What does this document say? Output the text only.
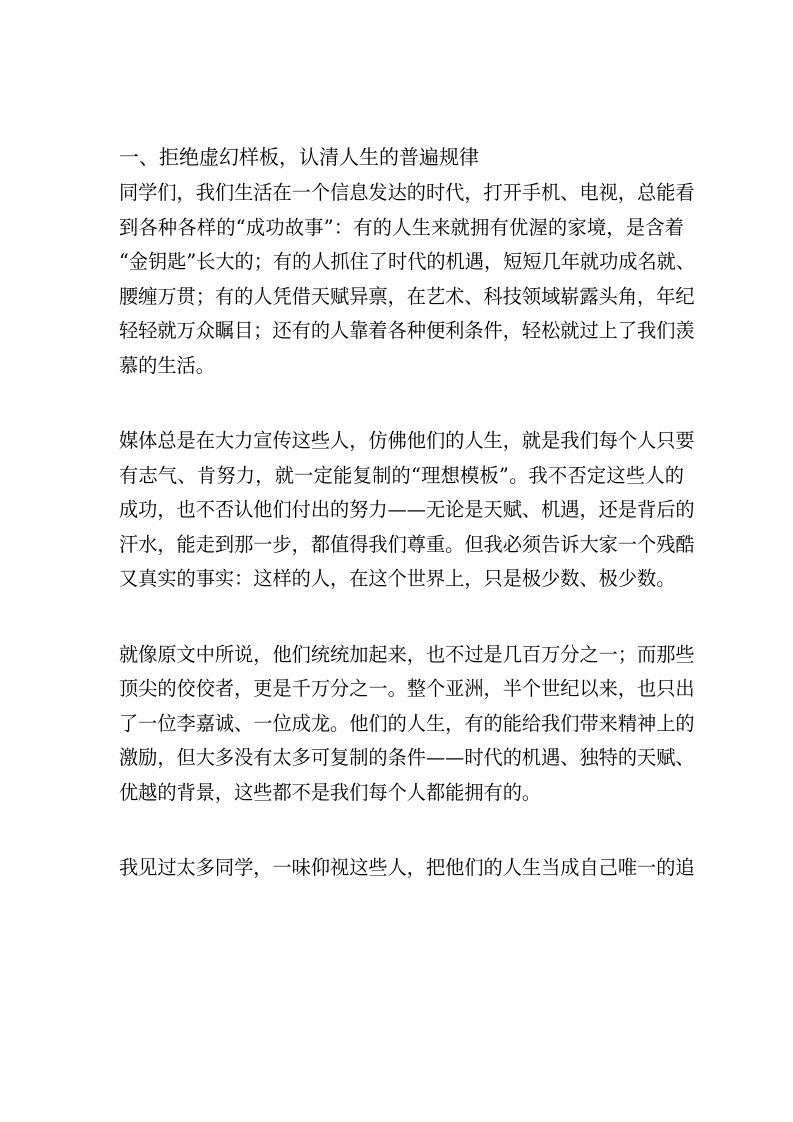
一、拒绝虚幻样板，认清人生的普遍规律
同学们，我们生活在一个信息发达的时代，打开手机、电视，总能看
到各种各样的“成功故事”：有的人生来就拥有优渥的家境，是含着
“金钥匙”长大的；有的人抓住了时代的机遇，短短几年就功成名就、
腰缠万贯；有的人凭借天赋异禀，在艺术、科技领域崭露头角，年纪
轻轻就万众瞩目；还有的人靠着各种便利条件，轻松就过上了我们羡
慕的生活。
媒体总是在大力宣传这些人，仿佛他们的人生，就是我们每个人只要
有志气、肯努力，就一定能复制的“理想模板”。我不否定这些人的
成功，也不否认他们付出的努力——无论是天赋、机遇，还是背后的
汗水，能走到那一步，都值得我们尊重。但我必须告诉大家一个残酷
又真实的事实：这样的人，在这个世界上，只是极少数、极少数。
就像原文中所说，他们统统加起来，也不过是几百万分之一；而那些
顶尖的佼佼者，更是千万分之一。整个亚洲，半个世纪以来，也只出
了一位李嘉诚、一位成龙。他们的人生，有的能给我们带来精神上的
激励，但大多没有太多可复制的条件——时代的机遇、独特的天赋、
优越的背景，这些都不是我们每个人都能拥有的。
我见过太多同学，一味仰视这些人，把他们的人生当成自己唯一的追
